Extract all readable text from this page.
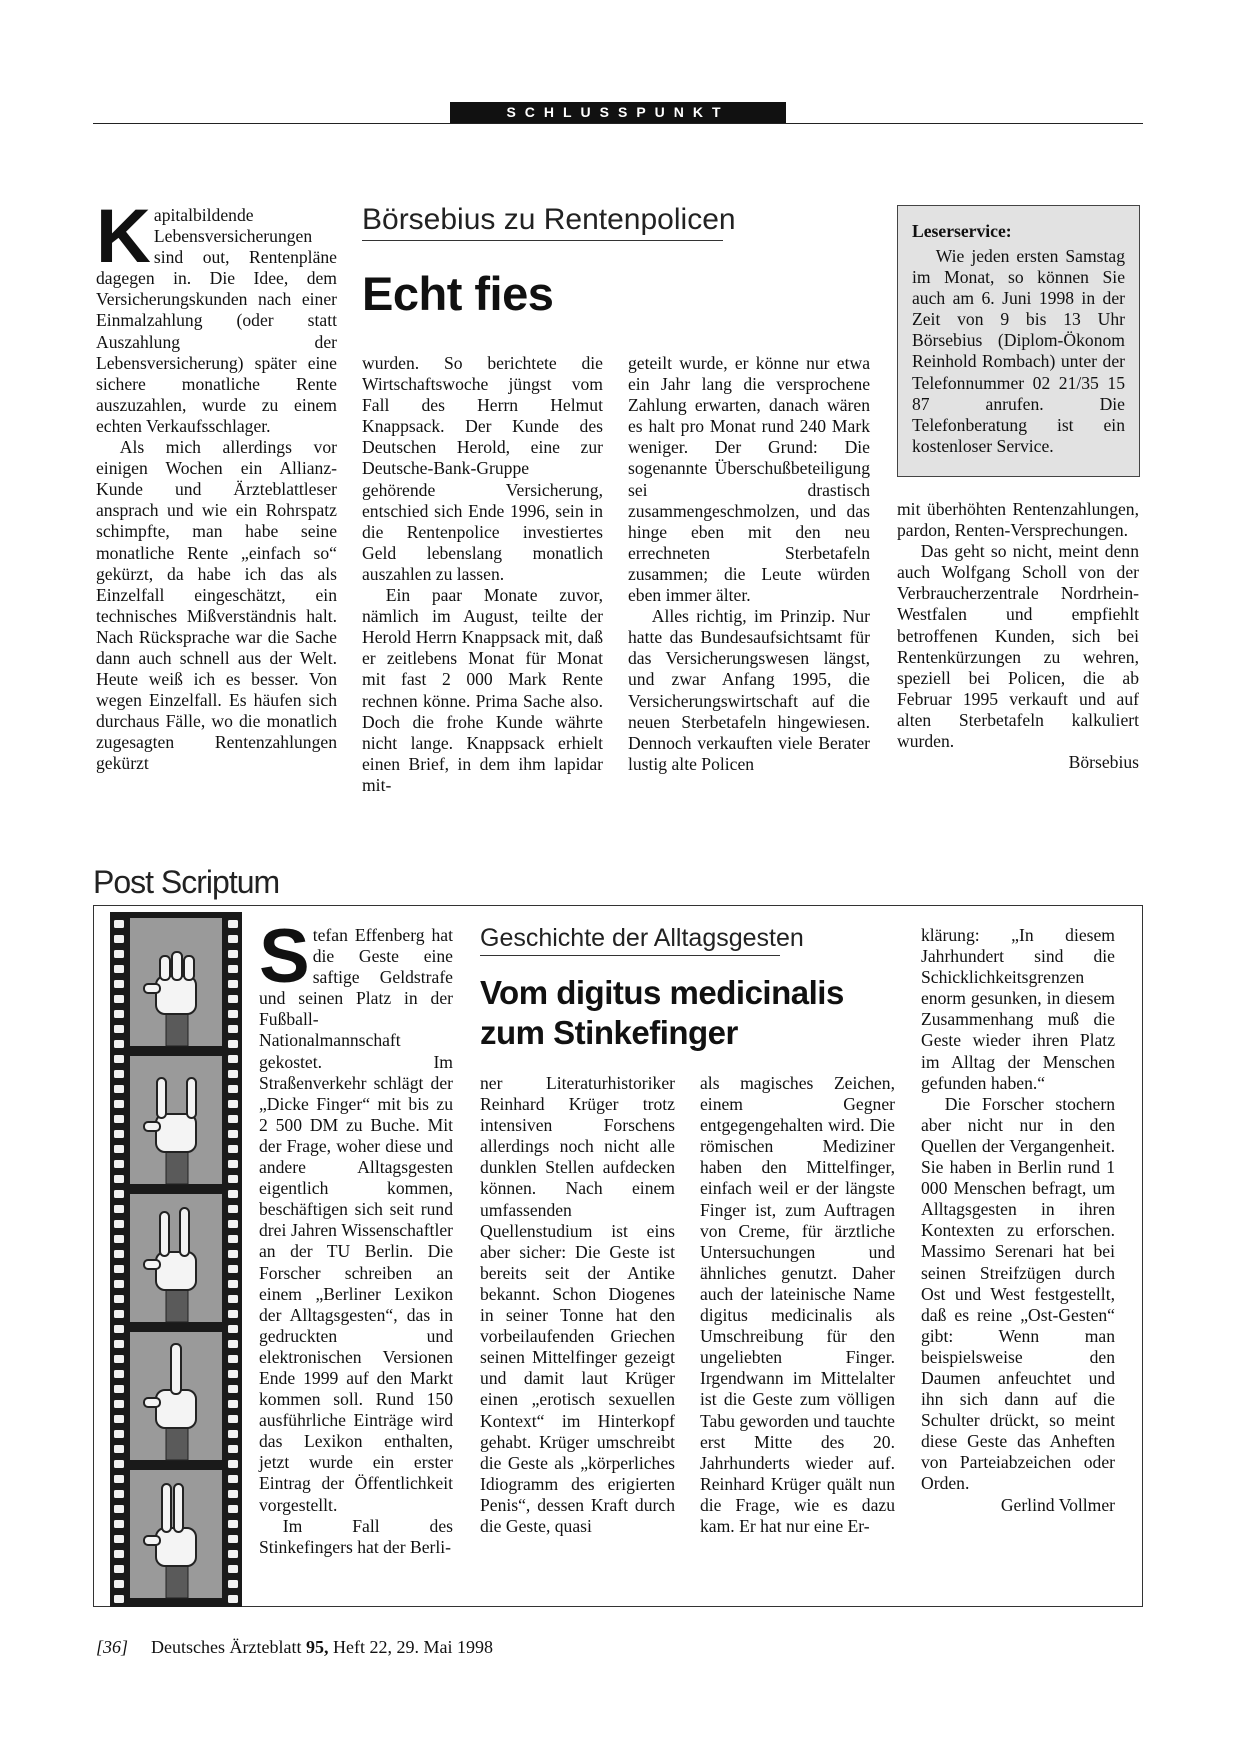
SCHLUSSPUNKT

Kapitalbildende Lebensversicherungen sind out, Rentenpläne dagegen in. Die Idee, dem Versicherungskunden nach einer Einmalzahlung (oder statt Auszahlung der Lebensversicherung) später eine sichere monatliche Rente auszuzahlen, wurde zu einem echten Verkaufsschlager.

Als mich allerdings vor einigen Wochen ein Allianz-Kunde und Ärzteblattleser ansprach und wie ein Rohrspatz schimpfte, man habe seine monatliche Rente „einfach so“ gekürzt, da habe ich das als Einzelfall eingeschätzt, ein technisches Mißverständnis halt. Nach Rücksprache war die Sache dann auch schnell aus der Welt. Heute weiß ich es besser. Von wegen Einzelfall. Es häufen sich durchaus Fälle, wo die monatlich zugesagten Rentenzahlungen gekürzt

Börsebius zu Rentenpolicen
Echt fies

wurden. So berichtete die Wirtschaftswoche jüngst vom Fall des Herrn Helmut Knappsack. Der Kunde des Deutschen Herold, eine zur Deutsche-Bank-Gruppe gehörende Versicherung, entschied sich Ende 1996, sein in die Rentenpolice investiertes Geld lebenslang monatlich auszahlen zu lassen.

Ein paar Monate zuvor, nämlich im August, teilte der Herold Herrn Knappsack mit, daß er zeitlebens Monat für Monat mit fast 2 000 Mark Rente rechnen könne. Prima Sache also. Doch die frohe Kunde währte nicht lange. Knappsack erhielt einen Brief, in dem ihm lapidar mit-

geteilt wurde, er könne nur etwa ein Jahr lang die versprochene Zahlung erwarten, danach wären es halt pro Monat rund 240 Mark weniger. Der Grund: Die sogenannte Überschußbeteiligung sei drastisch zusammengeschmolzen, und das hinge eben mit den neu errechneten Sterbetafeln zusammen; die Leute würden eben immer älter.

Alles richtig, im Prinzip. Nur hatte das Bundesaufsichtsamt für das Versicherungswesen längst, und zwar Anfang 1995, die Versicherungswirtschaft auf die neuen Sterbetafeln hingewiesen. Dennoch verkauften viele Berater lustig alte Policen

Leserservice:
Wie jeden ersten Samstag im Monat, so können Sie auch am 6. Juni 1998 in der Zeit von 9 bis 13 Uhr Börsebius (Diplom-Ökonom Reinhold Rombach) unter der Telefonnummer 02 21/35 15 87 anrufen. Die Telefonberatung ist ein kostenloser Service.

mit überhöhten Rentenzahlungen, pardon, Renten-Versprechungen.

Das geht so nicht, meint denn auch Wolfgang Scholl von der Verbraucherzentrale Nordrhein-Westfalen und empfiehlt betroffenen Kunden, sich bei Rentenkürzungen zu wehren, speziell bei Policen, die ab Februar 1995 verkauft und auf alten Sterbetafeln kalkuliert wurden.

Börsebius

Post Scriptum

Stefan Effenberg hat die Geste eine saftige Geldstrafe und seinen Platz in der Fußball-Nationalmannschaft gekostet. Im Straßenverkehr schlägt der „Dicke Finger“ mit bis zu 2 500 DM zu Buche. Mit der Frage, woher diese und andere Alltagsgesten eigentlich kommen, beschäftigen sich seit rund drei Jahren Wissenschaftler an der TU Berlin. Die Forscher schreiben an einem „Berliner Lexikon der Alltagsgesten“, das in gedruckten und elektronischen Versionen Ende 1999 auf den Markt kommen soll. Rund 150 ausführliche Einträge wird das Lexikon enthalten, jetzt wurde ein erster Eintrag der Öffentlichkeit vorgestellt.

Im Fall des Stinkefingers hat der Berli-

Geschichte der Alltagsgesten
Vom digitus medicinalis
zum Stinkefinger

ner Literaturhistoriker Reinhard Krüger trotz intensiven Forschens allerdings noch nicht alle dunklen Stellen aufdecken können. Nach einem umfassenden Quellenstudium ist eins aber sicher: Die Geste ist bereits seit der Antike bekannt. Schon Diogenes in seiner Tonne hat den vorbeilaufenden Griechen seinen Mittelfinger gezeigt und damit laut Krüger einen „erotisch sexuellen Kontext“ im Hinterkopf gehabt. Krüger umschreibt die Geste als „körperliches Idiogramm des erigierten Penis“, dessen Kraft durch die Geste, quasi

als magisches Zeichen, einem Gegner entgegengehalten wird. Die römischen Mediziner haben den Mittelfinger, einfach weil er der längste Finger ist, zum Auftragen von Creme, für ärztliche Untersuchungen und ähnliches genutzt. Daher auch der lateinische Name digitus medicinalis als Umschreibung für den ungeliebten Finger. Irgendwann im Mittelalter ist die Geste zum völligen Tabu geworden und tauchte erst Mitte des 20. Jahrhunderts wieder auf. Reinhard Krüger quält nun die Frage, wie es dazu kam. Er hat nur eine Er-

klärung: „In diesem Jahrhundert sind die Schicklichkeitsgrenzen enorm gesunken, in diesem Zusammenhang muß die Geste wieder ihren Platz im Alltag der Menschen gefunden haben.“

Die Forscher stochern aber nicht nur in den Quellen der Vergangenheit. Sie haben in Berlin rund 1 000 Menschen befragt, um Alltagsgesten in ihren Kontexten zu erforschen. Massimo Serenari hat bei seinen Streifzügen durch Ost und West festgestellt, daß es reine „Ost-Gesten“ gibt: Wenn man beispielsweise den Daumen anfeuchtet und ihn sich dann auf die Schulter drückt, so meint diese Geste das Anheften von Parteiabzeichen oder Orden.

Gerlind Vollmer

[36] Deutsches Ärzteblatt 95, Heft 22, 29. Mai 1998
